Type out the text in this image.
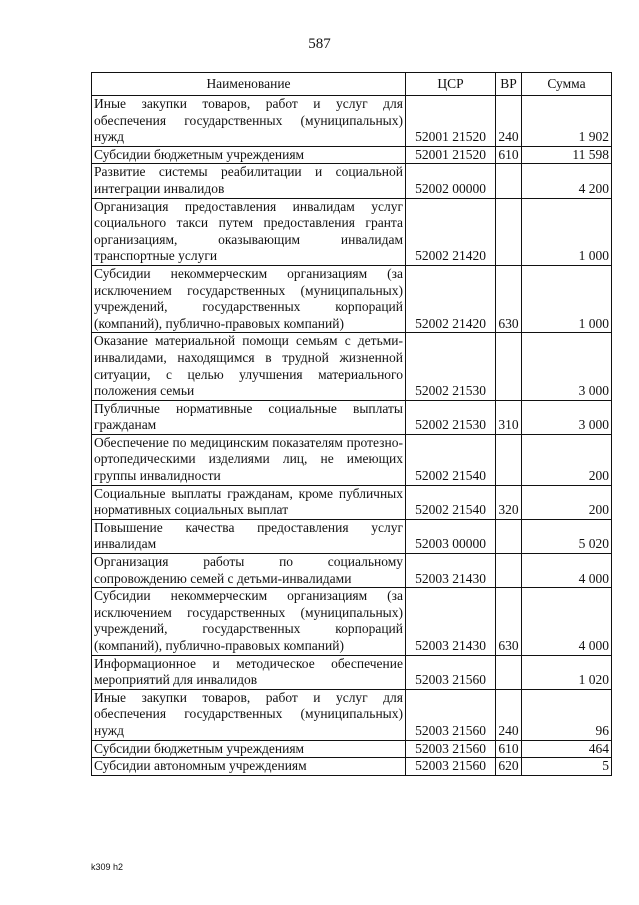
587
Наименование	ЦСР	ВР	Сумма
Иные закупки товаров, работ и услуг для обеспечения государственных (муниципальных) нужд	52001 21520	240	1 902
Субсидии бюджетным учреждениям	52001 21520	610	11 598
Развитие системы реабилитации и социальной интеграции инвалидов	52002 00000		4 200
Организация предоставления инвалидам услуг социального такси путем предоставления гранта организациям, оказывающим инвалидам транспортные услуги	52002 21420		1 000
Субсидии некоммерческим организациям (за исключением государственных (муниципальных) учреждений, государственных корпораций (компаний), публично-правовых компаний)	52002 21420	630	1 000
Оказание материальной помощи семьям с детьми-инвалидами, находящимся в трудной жизненной ситуации, с целью улучшения материального положения семьи	52002 21530		3 000
Публичные нормативные социальные выплаты гражданам	52002 21530	310	3 000
Обеспечение по медицинским показателям протезно-ортопедическими изделиями лиц, не имеющих группы инвалидности	52002 21540		200
Социальные выплаты гражданам, кроме публичных нормативных социальных выплат	52002 21540	320	200
Повышение качества предоставления услуг инвалидам	52003 00000		5 020
Организация работы по социальному сопровождению семей с детьми-инвалидами	52003 21430		4 000
Субсидии некоммерческим организациям (за исключением государственных (муниципальных) учреждений, государственных корпораций (компаний), публично-правовых компаний)	52003 21430	630	4 000
Информационное и методическое обеспечение мероприятий для инвалидов	52003 21560		1 020
Иные закупки товаров, работ и услуг для обеспечения государственных (муниципальных) нужд	52003 21560	240	96
Субсидии бюджетным учреждениям	52003 21560	610	464
Субсидии автономным учреждениям	52003 21560	620	5
k309 h2
